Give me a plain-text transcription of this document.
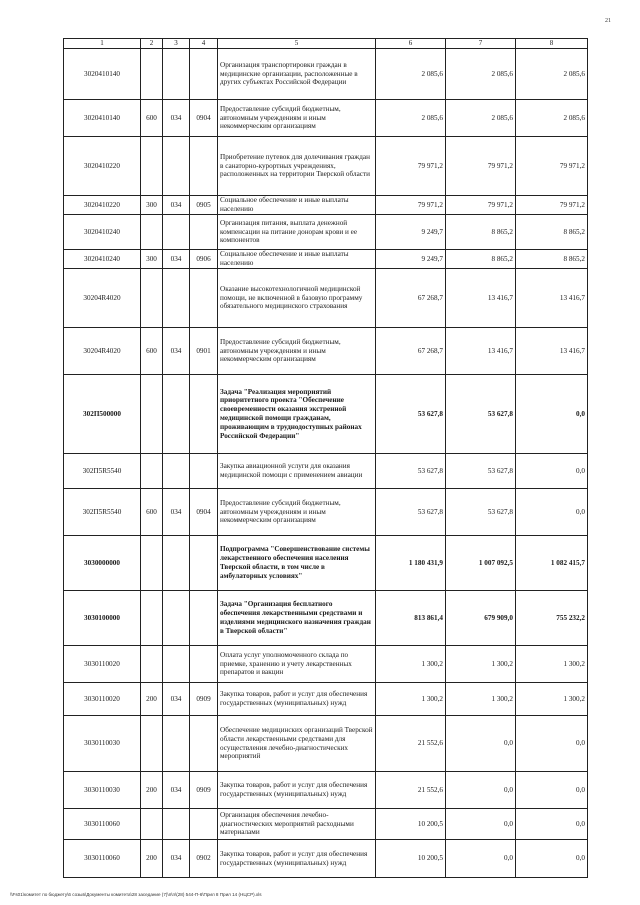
21
1	2	3	4	5	6	7	8
3020410140				Организация транспортировки граждан в медицинские организации, расположенные в других субъектах Российской Федерации	2 085,6	2 085,6	2 085,6
3020410140	600	034	0904	Предоставление субсидий бюджетным, автономным учреждениям и иным некоммерческим организациям	2 085,6	2 085,6	2 085,6
3020410220				Приобретение путевок для долечивания граждан в санаторно-курортных учреждениях, расположенных на территории Тверской области	79 971,2	79 971,2	79 971,2
3020410220	300	034	0905	Социальное обеспечение и иные выплаты населению	79 971,2	79 971,2	79 971,2
3020410240				Организация питания, выплата денежной компенсации на питание донорам крови и ее компонентов	9 249,7	8 865,2	8 865,2
3020410240	300	034	0906	Социальное обеспечение и иные выплаты населению	9 249,7	8 865,2	8 865,2
30204R4020				Оказание высокотехнологичной медицинской помощи, не включенной в базовую программу обязательного медицинского страхования	67 268,7	13 416,7	13 416,7
30204R4020	600	034	0901	Предоставление субсидий бюджетным, автономным учреждениям и иным некоммерческим организациям	67 268,7	13 416,7	13 416,7
302П500000				Задача "Реализация мероприятий приоритетного проекта "Обеспечение своевременности оказания экстренной медицинской помощи гражданам, проживающим в труднодоступных районах Российской Федерации"	53 627,8	53 627,8	0,0
302П5R5540				Закупка авиационной услуги для оказания медицинской помощи с применением авиации	53 627,8	53 627,8	0,0
302П5R5540	600	034	0904	Предоставление субсидий бюджетным, автономным учреждениям и иным некоммерческим организациям	53 627,8	53 627,8	0,0
3030000000				Подпрограмма "Совершенствование системы лекарственного обеспечения населения Тверской области, в том числе в амбулаторных условиях"	1 180 431,9	1 007 092,5	1 082 415,7
3030100000				Задача "Организация бесплатного обеспечения лекарственными средствами и изделиями медицинского назначения граждан в Тверской области"	813 861,4	679 909,0	755 232,2
3030110020				Оплата услуг уполномоченного склада по приемке, хранению и учету лекарственных препаратов и вакцин	1 300,2	1 300,2	1 300,2
3030110020	200	034	0909	Закупка товаров, работ и услуг для обеспечения государственных (муниципальных) нужд	1 300,2	1 300,2	1 300,2
3030110030				Обеспечение медицинских организаций Тверской области лекарственными средствами для осуществления лечебно-диагностических мероприятий	21 552,6	0,0	0,0
3030110030	200	034	0909	Закупка товаров, работ и услуг для обеспечения государственных (муниципальных) нужд	21 552,6	0,0	0,0
3030110060				Организация обеспечения лечебно-диагностических мероприятий расходными материалами	10 200,5	0,0	0,0
3030110060	200	034	0902	Закупка товаров, работ и услуг для обеспечения государственных (муниципальных) нужд	10 200,5	0,0	0,0
\\Fs01\комитет по бюджету\6 созыв\Документы комитета\28 заседание (7)\п\п\(28) 544-П-6\Прил 8 Прил 14 (НЦСР).xls
